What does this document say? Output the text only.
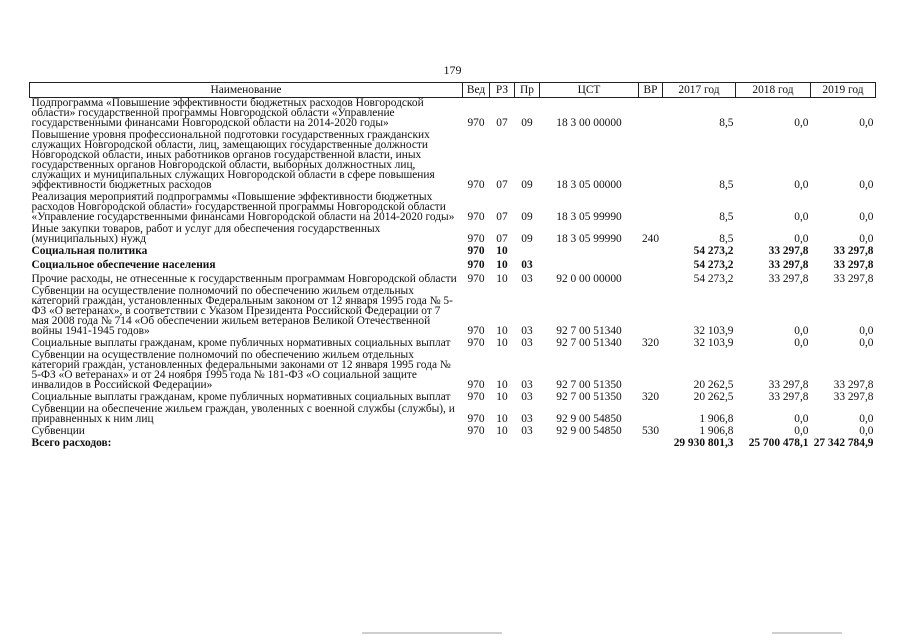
179
Наименование	Вед	РЗ	Пр	ЦСТ	ВР	2017 год	2018 год	2019 год
Подпрограмма «Повышение эффективности бюджетных расходов Новгородской области» государственной программы Новгородской области «Управление государственными финансами Новгородской области на 2014-2020 годы»	970	07	09	18 3 00 00000		8,5	0,0	0,0
Повышение уровня профессиональной подготовки государственных гражданских служащих Новгородской области, лиц, замещающих государственные должности Новгородской области, иных работников органов государственной власти, иных государственных органов Новгородской области, выборных должностных лиц, служащих и муниципальных служащих Новгородской области в сфере повышения эффективности бюджетных расходов	970	07	09	18 3 05 00000		8,5	0,0	0,0
Реализация мероприятий подпрограммы «Повышение эффективности бюджетных расходов Новгородской области» государственной программы Новгородской области «Управление государственными финансами Новгородской области на 2014-2020 годы»	970	07	09	18 3 05 99990		8,5	0,0	0,0
Иные закупки товаров, работ и услуг для обеспечения государственных (муниципальных) нужд	970	07	09	18 3 05 99990	240	8,5	0,0	0,0
Социальная политика	970	10				54 273,2	33 297,8	33 297,8
Социальное обеспечение населения	970	10	03			54 273,2	33 297,8	33 297,8
Прочие расходы, не отнесенные к государственным программам Новгородской области	970	10	03	92 0 00 00000		54 273,2	33 297,8	33 297,8
Субвенции на осуществление полномочий по обеспечению жильем отдельных категорий граждан, установленных Федеральным законом от 12 января 1995 года № 5-ФЗ «О ветеранах», в соответствии с Указом Президента Российской Федерации от 7 мая 2008 года № 714 «Об обеспечении жильем ветеранов Великой Отечественной войны 1941-1945 годов»	970	10	03	92 7 00 51340		32 103,9	0,0	0,0
Социальные выплаты гражданам, кроме публичных нормативных социальных выплат	970	10	03	92 7 00 51340	320	32 103,9	0,0	0,0
Субвенции на осуществление полномочий по обеспечению жильем отдельных категорий граждан, установленных федеральными законами от 12 января 1995 года № 5-ФЗ «О ветеранах» и от 24 ноября 1995 года № 181-ФЗ «О социальной защите инвалидов в Российской Федерации»	970	10	03	92 7 00 51350		20 262,5	33 297,8	33 297,8
Социальные выплаты гражданам, кроме публичных нормативных социальных выплат	970	10	03	92 7 00 51350	320	20 262,5	33 297,8	33 297,8
Субвенции на обеспечение жильем граждан, уволенных с военной службы (службы), и приравненных к ним лиц	970	10	03	92 9 00 54850		1 906,8	0,0	0,0
Субвенции	970	10	03	92 9 00 54850	530	1 906,8	0,0	0,0
Всего расходов:						29 930 801,3	25 700 478,1	27 342 784,9
